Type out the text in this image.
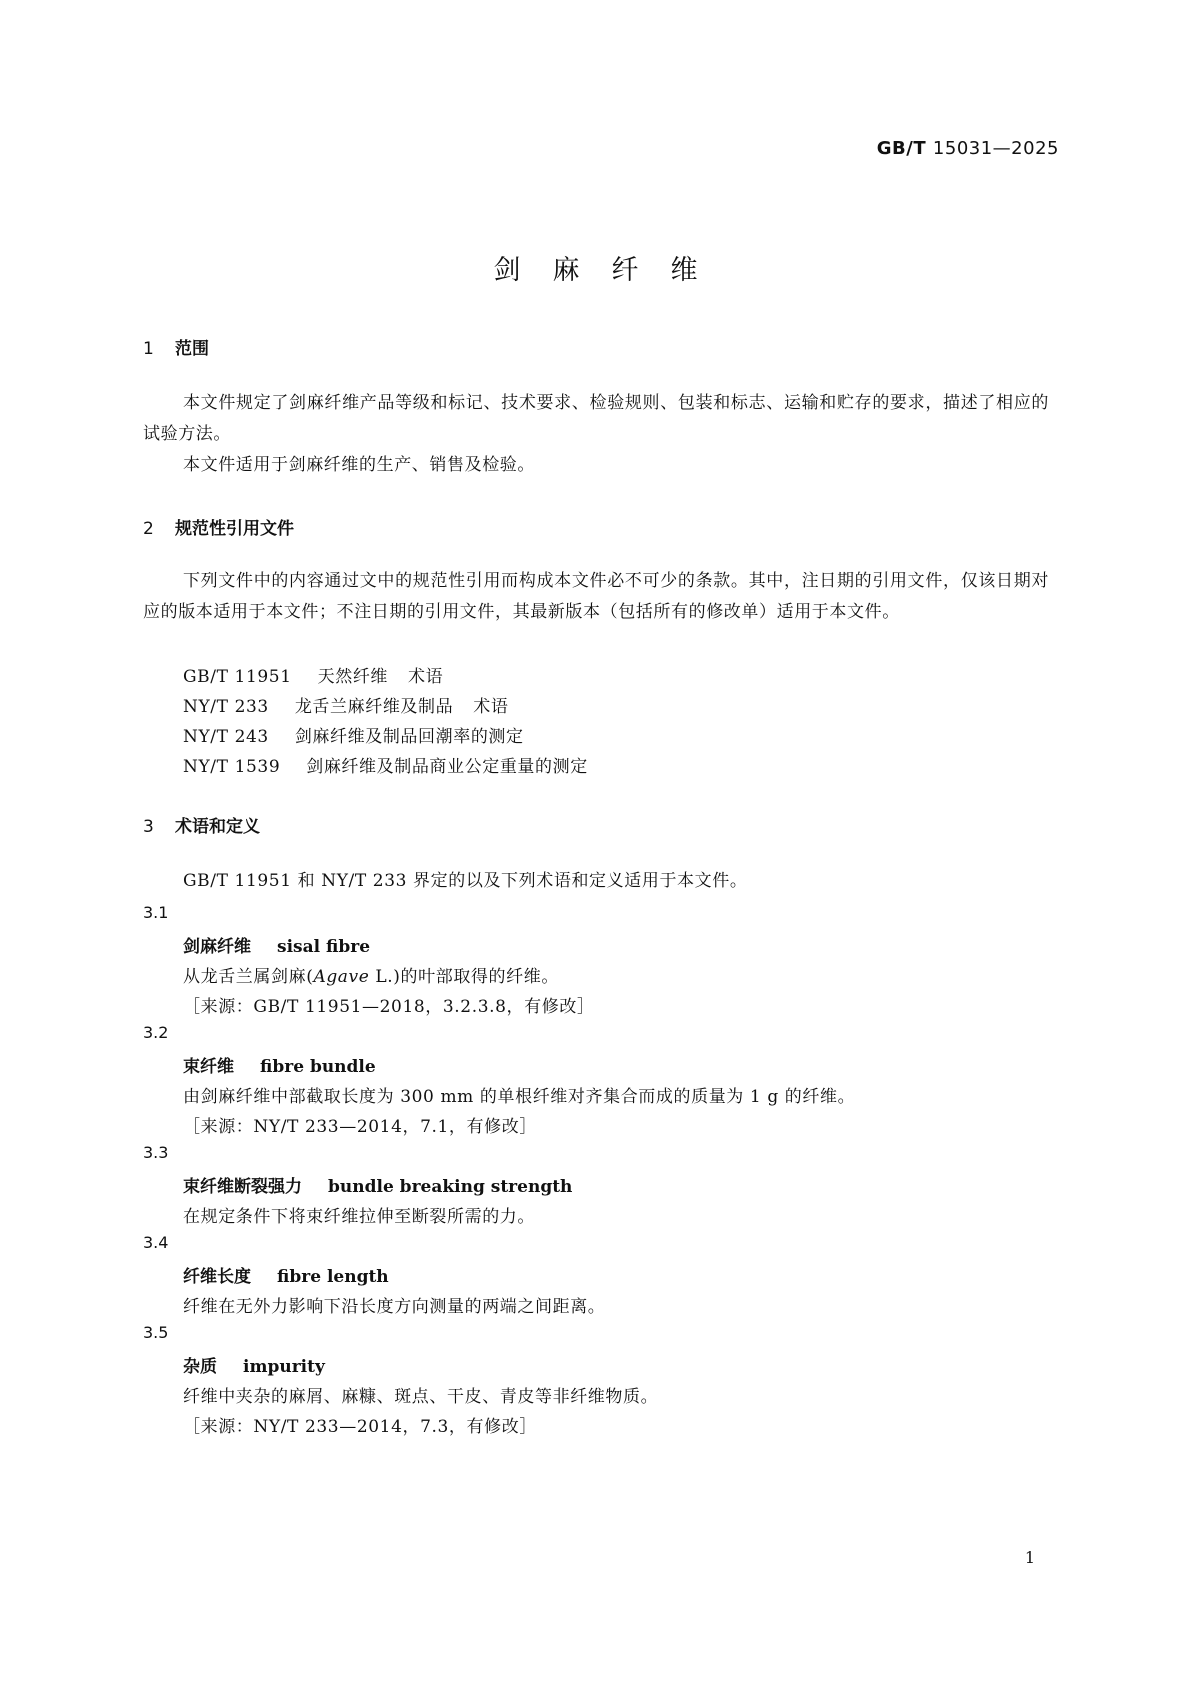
GB/T 15031—2025
剑麻纤维
1 范围
本文件规定了剑麻纤维产品等级和标记、技术要求、检验规则、包装和标志、运输和贮存的要求，描述了相应的试验方法。
本文件适用于剑麻纤维的生产、销售及检验。
2 规范性引用文件
下列文件中的内容通过文中的规范性引用而构成本文件必不可少的条款。其中，注日期的引用文件，仅该日期对应的版本适用于本文件；不注日期的引用文件，其最新版本（包括所有的修改单）适用于本文件。
GB/T 11951 天然纤维 术语
NY/T 233 龙舌兰麻纤维及制品 术语
NY/T 243 剑麻纤维及制品回潮率的测定
NY/T 1539 剑麻纤维及制品商业公定重量的测定
3 术语和定义
GB/T 11951 和 NY/T 233 界定的以及下列术语和定义适用于本文件。
3.1
剑麻纤维 sisal fibre
从龙舌兰属剑麻(Agave L.)的叶部取得的纤维。
［来源：GB/T 11951—2018，3.2.3.8，有修改］
3.2
束纤维 fibre bundle
由剑麻纤维中部截取长度为 300 mm 的单根纤维对齐集合而成的质量为 1 g 的纤维。
［来源：NY/T 233—2014，7.1，有修改］
3.3
束纤维断裂强力 bundle breaking strength
在规定条件下将束纤维拉伸至断裂所需的力。
3.4
纤维长度 fibre length
纤维在无外力影响下沿长度方向测量的两端之间距离。
3.5
杂质 impurity
纤维中夹杂的麻屑、麻糠、斑点、干皮、青皮等非纤维物质。
［来源：NY/T 233—2014，7.3，有修改］
1
